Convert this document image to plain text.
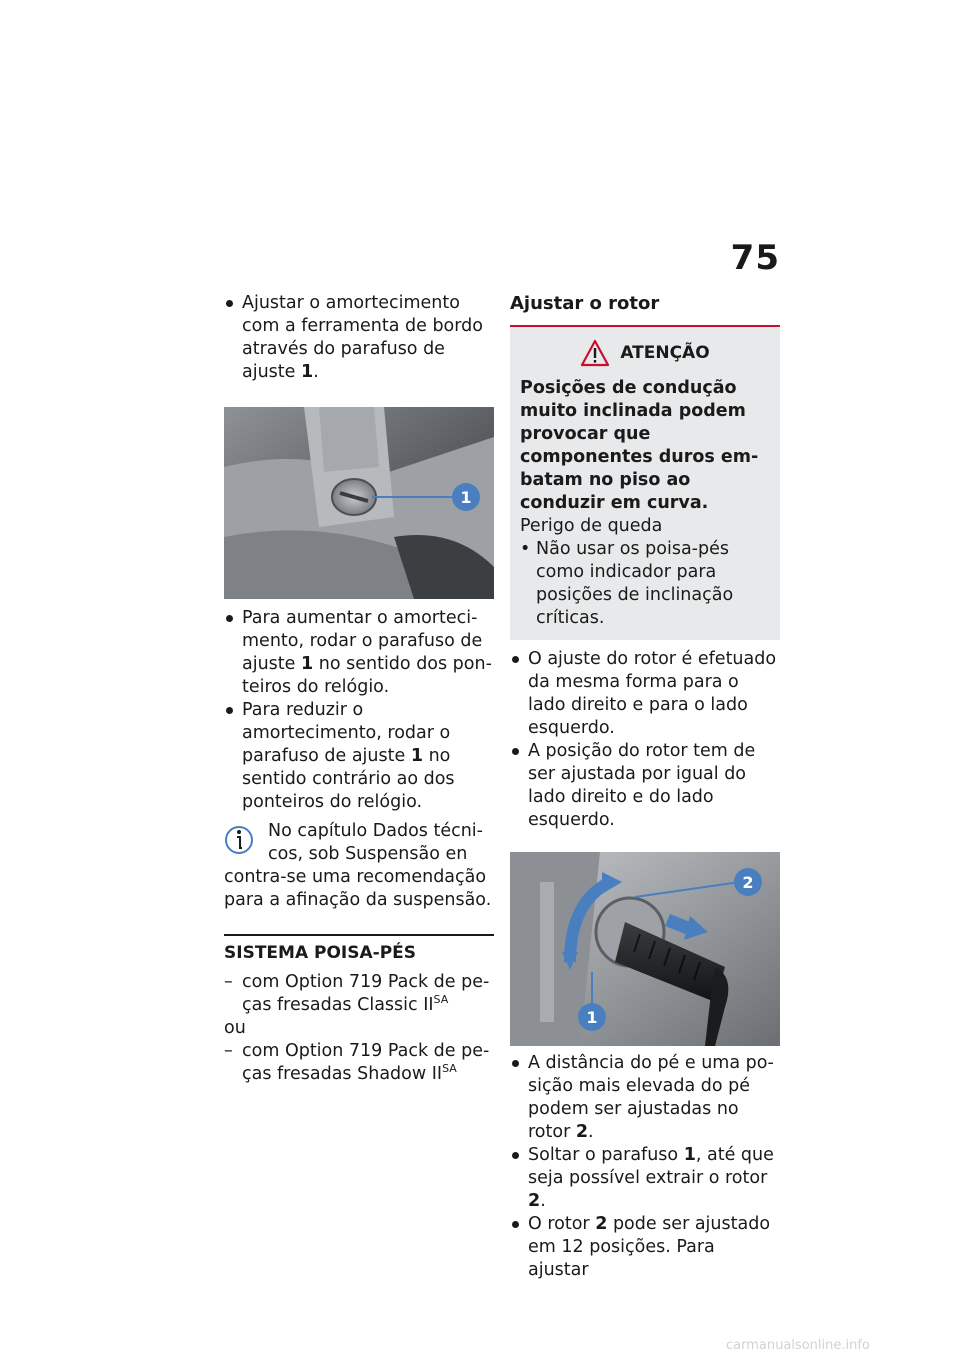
75

Ajustar o amortecimento com a ferramenta de bordo através do parafuso de ajuste 1.

1

Para aumentar o amortecimento, rodar o parafuso de ajuste 1 no sentido dos ponteiros do relógio.

Para reduzir o amortecimento, rodar o parafuso de ajuste 1 no sentido contrário ao dos ponteiros do relógio.

No capítulo Dados técnicos, sob Suspensão en
contra-se uma recomendação para a afinação da suspensão.
SISTEMA POISA-PÉS

– com Option 719 Pack de peças fresadas Classic $II^{SA}$

ou

– com Option 719 Pack de peças fresadas Shadow $II^{SA}$

Ajustar o rotor

ATENÇÃO
Posições de condução muito inclinada podem provocar que componentes duros embatam no piso ao conduzir em curva.
Perigo de queda
• Não usar os poisa-pés como indicador para posições de inclinação críticas.

O ajuste do rotor é efetuado da mesma forma para o lado direito e para o lado esquerdo.

A posição do rotor tem de ser ajustada por igual do lado direito e do lado esquerdo.

2
1

A distância do pé e uma posição mais elevada do pé podem ser ajustadas no rotor 2.

Soltar o parafuso 1, até que seja possível extrair o rotor 2.

O rotor 2 pode ser ajustado em 12 posições. Para ajustar

carmanualsonline.info
